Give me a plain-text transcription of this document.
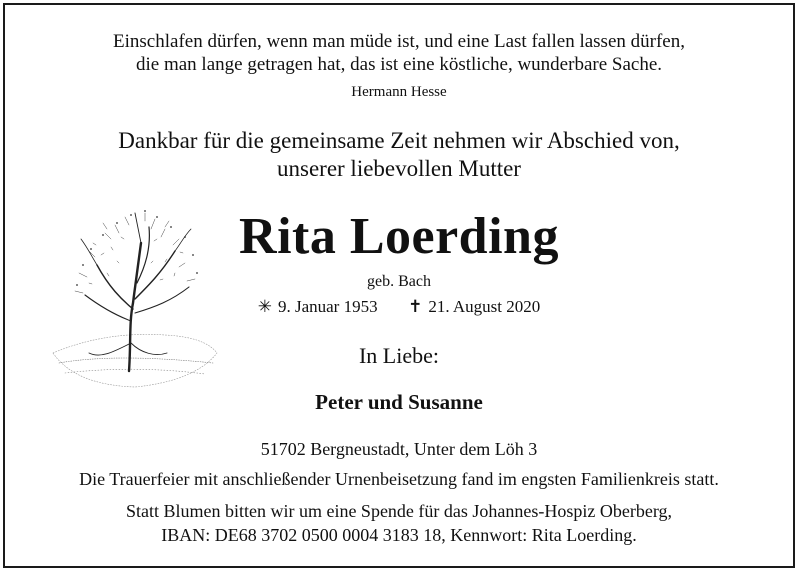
Einschlafen dürfen, wenn man müde ist, und eine Last fallen lassen dürfen,
die man lange getragen hat, das ist eine köstliche, wunderbare Sache.
Hermann Hesse
Dankbar für die gemeinsame Zeit nehmen wir Abschied von,
unserer liebevollen Mutter
Rita Loerding
geb. Bach
✳ 9. Januar 1953 ✝ 21. August 2020
In Liebe:
Peter und Susanne
51702 Bergneustadt, Unter dem Löh 3
Die Trauerfeier mit anschließender Urnenbeisetzung fand im engsten Familienkreis statt.
Statt Blumen bitten wir um eine Spende für das Johannes-Hospiz Oberberg,
IBAN: DE68 3702 0500 0004 3183 18, Kennwort: Rita Loerding.
